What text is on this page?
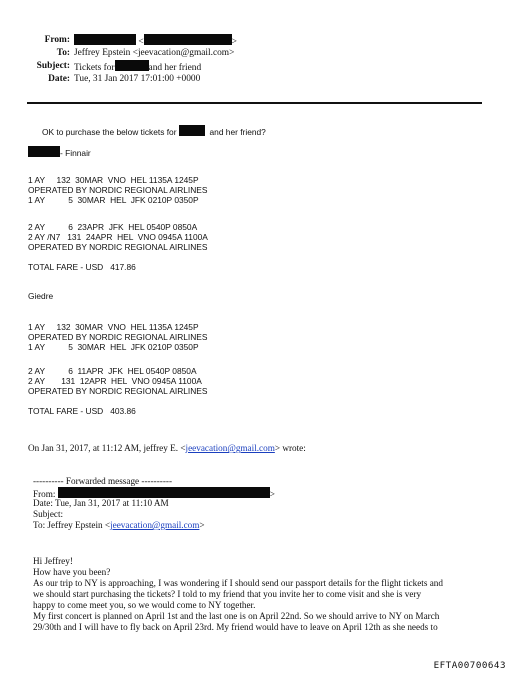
From:	<	>
To: Jeffrey Epstein <jeevacation@gmail.com>
Subject: Tickets for	and her friend
Date: Tue, 31 Jan 2017 17:01:00 +0000

OK to purchase the below tickets for	and her friend?

- Finnair
1 AY     132  30MAR  VNO  HEL 1135A 1245P
OPERATED BY NORDIC REGIONAL AIRLINES
1 AY          5  30MAR  HEL  JFK 0210P 0350P
2 AY          6  23APR  JFK  HEL 0540P 0850A
2 AY /N7   131  24APR  HEL  VNO 0945A 1100A
OPERATED BY NORDIC REGIONAL AIRLINES
TOTAL FARE - USD   417.86
Giedre
1 AY     132  30MAR  VNO  HEL 1135A 1245P
OPERATED BY NORDIC REGIONAL AIRLINES
1 AY          5  30MAR  HEL  JFK 0210P 0350P
2 AY          6  11APR  JFK  HEL 0540P 0850A
2 AY       131  12APR  HEL  VNO 0945A 1100A
OPERATED BY NORDIC REGIONAL AIRLINES
TOTAL FARE - USD   403.86
On Jan 31, 2017, at 11:12 AM, jeffrey E. <jeevacation@gmail.com> wrote:
---------- Forwarded message ----------
From:	>
Date: Tue, Jan 31, 2017 at 11:10 AM
Subject:
To: Jeffrey Epstein <jeevacation@gmail.com>
Hi Jeffrey!
How have you been?
As our trip to NY is approaching, I was wondering if I should send our passport details for the flight tickets and
we should start purchasing the tickets? I told to my friend that you invite her to come visit and she is very
happy to come meet you, so we would come to NY together.
My first concert is planned on April 1st and the last one is on April 22nd. So we should arrive to NY on March
29/30th and I will have to fly back on April 23rd. My friend would have to leave on April 12th as she needs to
EFTA00700643
